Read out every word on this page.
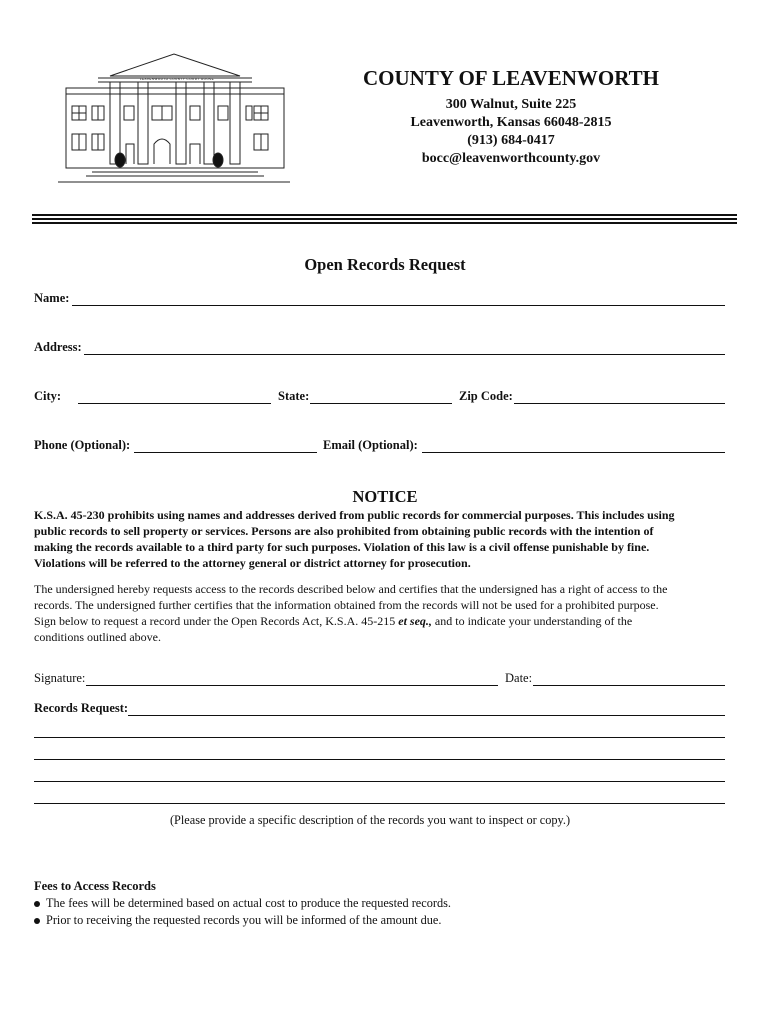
LEAVENWORTH COUNTY COURT HOUSE	COUNTY OF LEAVENWORTH
300 Walnut, Suite 225
Leavenworth, Kansas 66048-2815
(913) 684-0417
bocc@leavenworthcounty.gov
Open Records Request
Name:
Address:
City:	State:	Zip Code:
Phone (Optional):	Email (Optional):
NOTICE
K.S.A. 45-230 prohibits using names and addresses derived from public records for commercial purposes. This includes using
public records to sell property or services. Persons are also prohibited from obtaining public records with the intention of
making the records available to a third party for such purposes. Violation of this law is a civil offense punishable by fine.
Violations will be referred to the attorney general or district attorney for prosecution.
The undersigned hereby requests access to the records described below and certifies that the undersigned has a right of access to the
records. The undersigned further certifies that the information obtained from the records will not be used for a prohibited purpose.
Sign below to request a record under the Open Records Act, K.S.A. 45-215 et seq., and to indicate your understanding of the
conditions outlined above.
Signature:	Date:
Records Request:
(Please provide a specific description of the records you want to inspect or copy.)
Fees to Access Records
The fees will be determined based on actual cost to produce the requested records.
Prior to receiving the requested records you will be informed of the amount due.
